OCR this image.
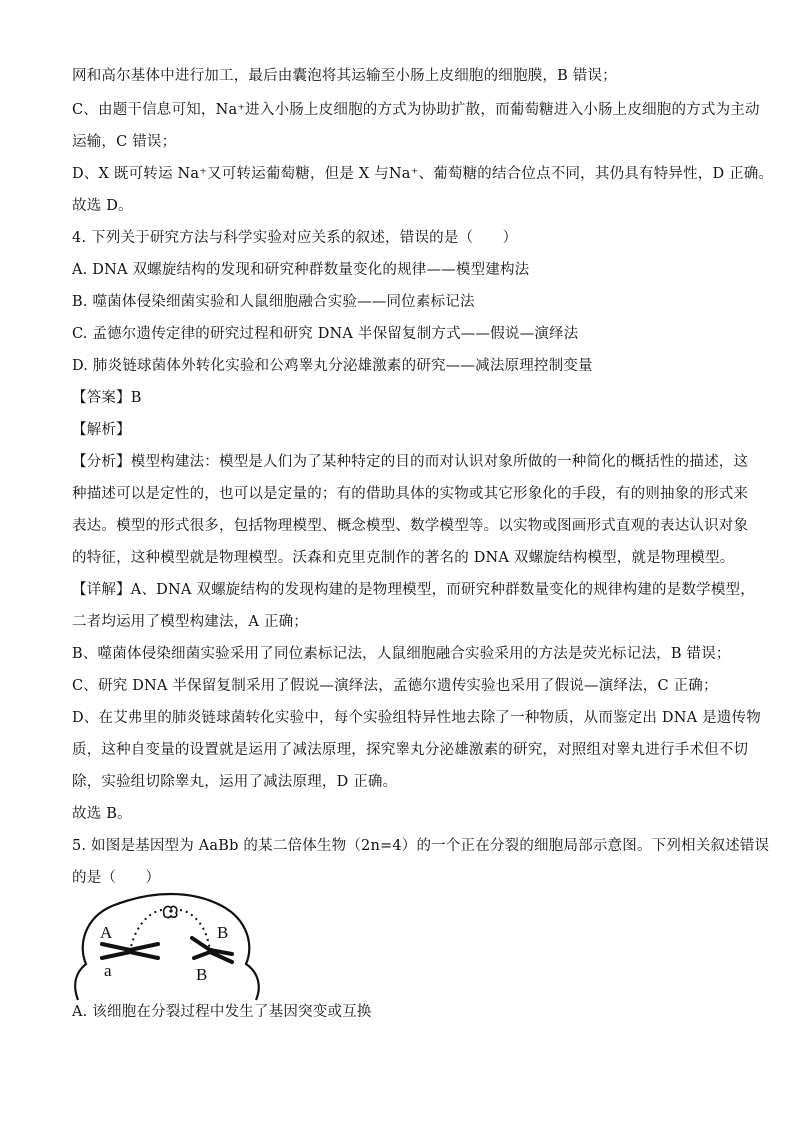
网和高尔基体中进行加工，最后由囊泡将其运输至小肠上皮细胞的细胞膜，B 错误；
C、由题干信息可知，Na⁺进入小肠上皮细胞的方式为协助扩散，而葡萄糖进入小肠上皮细胞的方式为主动
运输，C 错误；
D、X 既可转运 Na⁺又可转运葡萄糖，但是 X 与Na⁺、葡萄糖的结合位点不同，其仍具有特异性，D 正确。
故选 D。
4. 下列关于研究方法与科学实验对应关系的叙述，错误的是（　　）
A. DNA 双螺旋结构的发现和研究种群数量变化的规律——模型建构法
B. 噬菌体侵染细菌实验和人鼠细胞融合实验——同位素标记法
C. 孟德尔遗传定律的研究过程和研究 DNA 半保留复制方式——假说—演绎法
D. 肺炎链球菌体外转化实验和公鸡睾丸分泌雄激素的研究——减法原理控制变量
【答案】B
【解析】
【分析】模型构建法：模型是人们为了某种特定的目的而对认识对象所做的一种简化的概括性的描述，这
种描述可以是定性的，也可以是定量的；有的借助具体的实物或其它形象化的手段，有的则抽象的形式来
表达。模型的形式很多，包括物理模型、概念模型、数学模型等。以实物或图画形式直观的表达认识对象
的特征，这种模型就是物理模型。沃森和克里克制作的著名的 DNA 双螺旋结构模型，就是物理模型。
【详解】A、DNA 双螺旋结构的发现构建的是物理模型，而研究种群数量变化的规律构建的是数学模型，
二者均运用了模型构建法，A 正确；
B、噬菌体侵染细菌实验采用了同位素标记法，人鼠细胞融合实验采用的方法是荧光标记法，B 错误；
C、研究 DNA 半保留复制采用了假说—演绎法，孟德尔遗传实验也采用了假说—演绎法，C 正确；
D、在艾弗里的肺炎链球菌转化实验中，每个实验组特异性地去除了一种物质，从而鉴定出 DNA 是遗传物
质，这种自变量的设置就是运用了减法原理，探究睾丸分泌雄激素的研究，对照组对睾丸进行手术但不切
除，实验组切除睾丸，运用了减法原理，D 正确。
故选 B。
5. 如图是基因型为 AaBb 的某二倍体生物（2n=4）的一个正在分裂的细胞局部示意图。下列相关叙述错误
的是（　　）
A
a
B
B
A. 该细胞在分裂过程中发生了基因突变或互换
